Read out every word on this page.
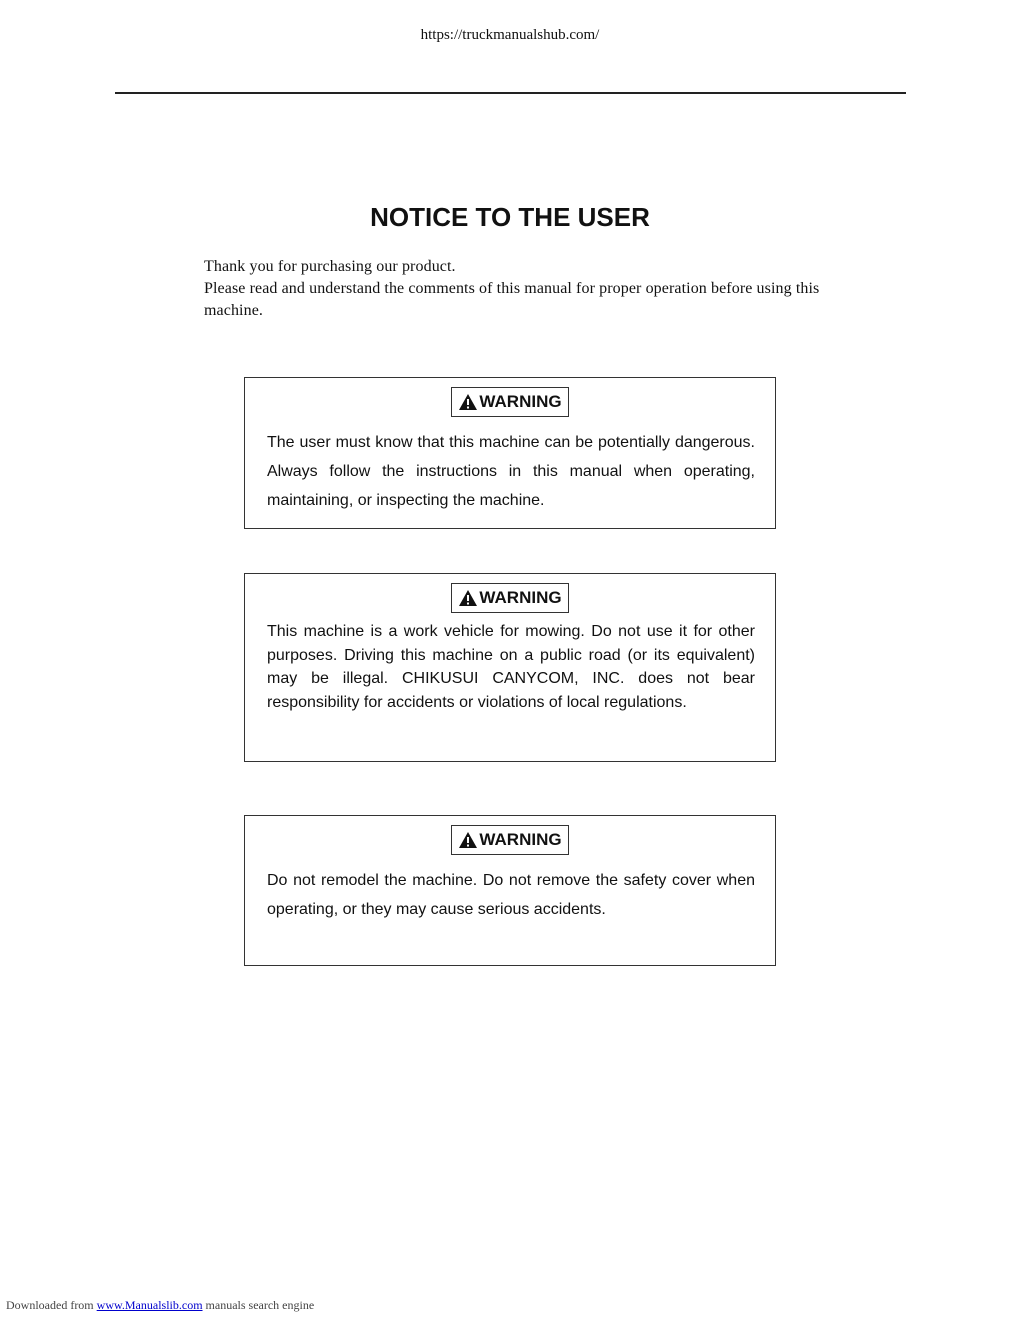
https://truckmanualshub.com/
NOTICE TO THE USER

Thank you for purchasing our product.

Please read and understand the comments of this manual for proper operation before using this machine.

WARNING

The user must know that this machine can be potentially dangerous. Always follow the instructions in this manual when operating, maintaining, or inspecting the machine.

WARNING

This machine is a work vehicle for mowing. Do not use it for other purposes. Driving this machine on a public road (or its equivalent) may be illegal. CHIKUSUI CANYCOM, INC. does not bear responsibility for accidents or violations of local regulations.

WARNING

Do not remodel the machine. Do not remove the safety cover when operating, or they may cause serious accidents.

Downloaded from www.Manualslib.com manuals search engine
